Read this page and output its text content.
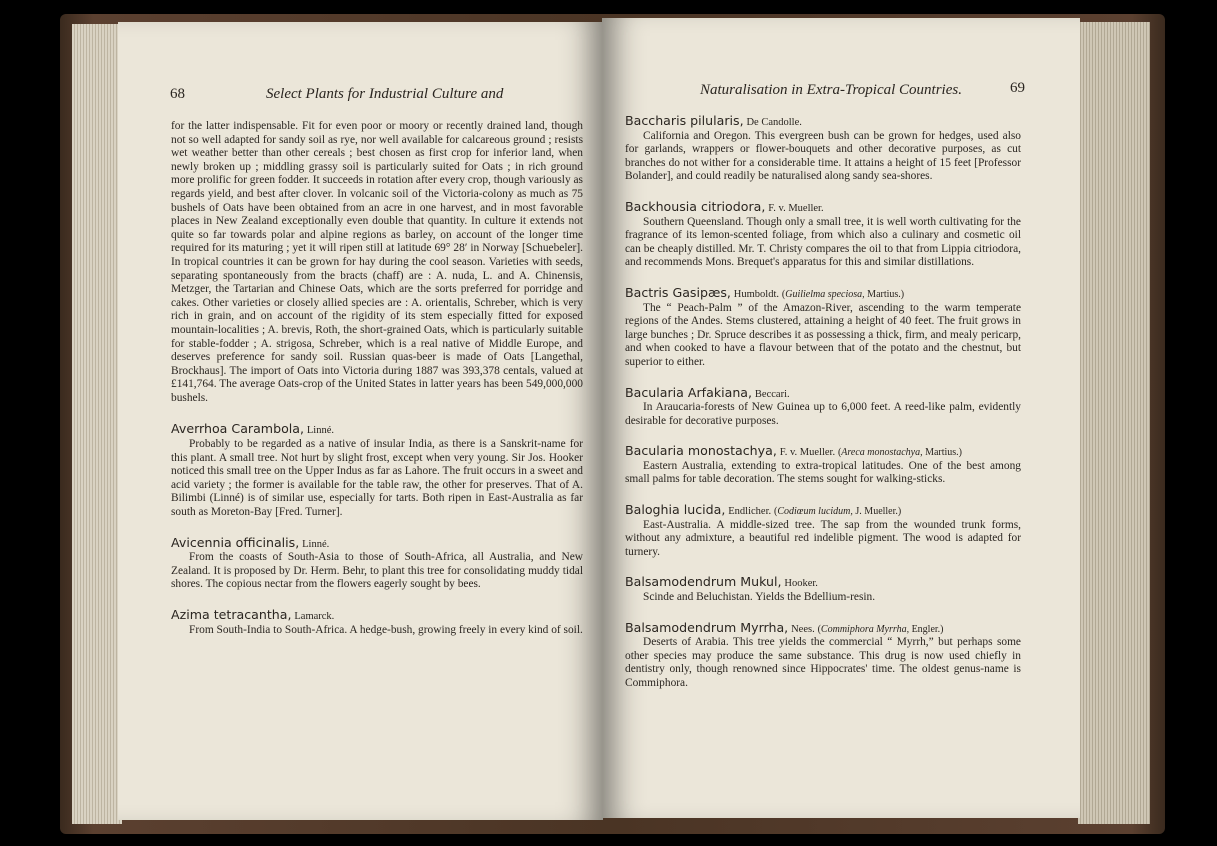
68	Select Plants for Industrial Culture and

for the latter indispensable. Fit for even poor or moory or recently drained land, though not so well adapted for sandy soil as rye, nor well available for calcareous ground ; resists wet weather better than other cereals ; best chosen as first crop for inferior land, when newly broken up ; middling grassy soil is particularly suited for Oats ; in rich ground more prolific for green fodder. It succeeds in rotation after every crop, though variously as regards yield, and best after clover. In volcanic soil of the Victoria-colony as much as 75 bushels of Oats have been obtained from an acre in one harvest, and in most favorable places in New Zealand exceptionally even double that quantity. In culture it extends not quite so far towards polar and alpine regions as barley, on account of the longer time required for its maturing ; yet it will ripen still at latitude 69° 28′ in Norway [Schuebeler]. In tropical countries it can be grown for hay during the cool season. Varieties with seeds, separating spontaneously from the bracts (chaff) are : A. nuda, L. and A. Chinensis, Metzger, the Tartarian and Chinese Oats, which are the sorts preferred for porridge and cakes. Other varieties or closely allied species are : A. orientalis, Schreber, which is very rich in grain, and on account of the rigidity of its stem especially fitted for exposed mountain-localities ; A. brevis, Roth, the short-grained Oats, which is particularly suitable for stable-fodder ; A. strigosa, Schreber, which is a real native of Middle Europe, and deserves preference for sandy soil. Russian quas-beer is made of Oats [Langethal, Brockhaus]. The import of Oats into Victoria during 1887 was 393,378 centals, valued at £141,764. The average Oats-crop of the United States in latter years has been 549,000,000 bushels.

Averrhoa Carambola, Linné.

Probably to be regarded as a native of insular India, as there is a Sanskrit-name for this plant. A small tree. Not hurt by slight frost, except when very young. Sir Jos. Hooker noticed this small tree on the Upper Indus as far as Lahore. The fruit occurs in a sweet and acid variety ; the former is available for the table raw, the other for preserves. That of A. Bilimbi (Linné) is of similar use, especially for tarts. Both ripen in East-Australia as far south as Moreton-Bay [Fred. Turner].

Avicennia officinalis, Linné.

From the coasts of South-Asia to those of South-Africa, all Australia, and New Zealand. It is proposed by Dr. Herm. Behr, to plant this tree for consolidating muddy tidal shores. The copious nectar from the flowers eagerly sought by bees.

Azima tetracantha, Lamarck.

From South-India to South-Africa. A hedge-bush, growing freely in every kind of soil.

Naturalisation in Extra-Tropical Countries.	69

Baccharis pilularis, De Candolle.

California and Oregon. This evergreen bush can be grown for hedges, used also for garlands, wrappers or flower-bouquets and other decorative purposes, as cut branches do not wither for a considerable time. It attains a height of 15 feet [Professor Bolander], and could readily be naturalised along sandy sea-shores.

Backhousia citriodora, F. v. Mueller.

Southern Queensland. Though only a small tree, it is well worth cultivating for the fragrance of its lemon-scented foliage, from which also a culinary and cosmetic oil can be cheaply distilled. Mr. T. Christy compares the oil to that from Lippia citriodora, and recommends Mons. Brequet's apparatus for this and similar distillations.

Bactris Gasipæs, Humboldt. (Guilielma speciosa, Martius.)

The “ Peach-Palm ” of the Amazon-River, ascending to the warm temperate regions of the Andes. Stems clustered, attaining a height of 40 feet. The fruit grows in large bunches ; Dr. Spruce describes it as possessing a thick, firm, and mealy pericarp, and when cooked to have a flavour between that of the potato and the chestnut, but superior to either.

Bacularia Arfakiana, Beccari.

In Araucaria-forests of New Guinea up to 6,000 feet. A reed-like palm, evidently desirable for decorative purposes.

Bacularia monostachya, F. v. Mueller. (Areca monostachya, Martius.)

Eastern Australia, extending to extra-tropical latitudes. One of the best among small palms for table decoration. The stems sought for walking-sticks.

Baloghia lucida, Endlicher. (Codiœum lucidum, J. Mueller.)

East-Australia. A middle-sized tree. The sap from the wounded trunk forms, without any admixture, a beautiful red indelible pigment. The wood is adapted for turnery.

Balsamodendrum Mukul, Hooker.

Scinde and Beluchistan. Yields the Bdellium-resin.

Balsamodendrum Myrrha, Nees. (Commiphora Myrrha, Engler.)

Deserts of Arabia. This tree yields the commercial “ Myrrh,” but perhaps some other species may produce the same substance. This drug is now used chiefly in dentistry only, though renowned since Hippocrates' time. The oldest genus-name is Commiphora.
